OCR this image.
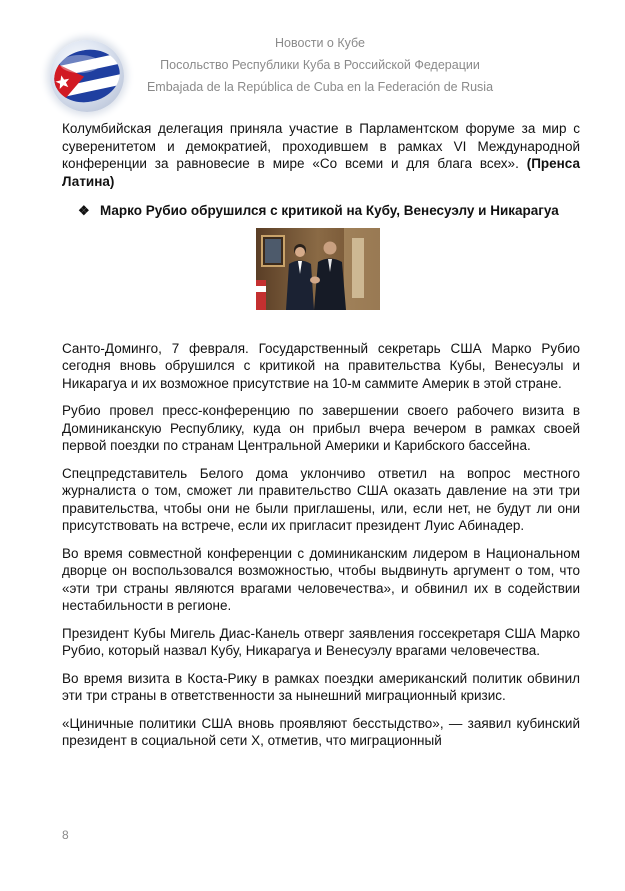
Новости о Кубе
Посольство Республики Куба в Российской Федерации
Embajada de la República de Cuba en la Federación de Rusia

Колумбийская делегация приняла участие в Парламентском форуме за мир с суверенитетом и демократией, проходившем в рамках VI Международной конференции за равновесие в мире «Со всеми и для блага всех». (Пренса Латина)

❖ Марко Рубио обрушился с критикой на Кубу, Венесуэлу и Никарагуа

Санто-Доминго, 7 февраля. Государственный секретарь США Марко Рубио сегодня вновь обрушился с критикой на правительства Кубы, Венесуэлы и Никарагуа и их возможное присутствие на 10-м саммите Америк в этой стране.

Рубио провел пресс-конференцию по завершении своего рабочего визита в Доминиканскую Республику, куда он прибыл вчера вечером в рамках своей первой поездки по странам Центральной Америки и Карибского бассейна.

Спецпредставитель Белого дома уклончиво ответил на вопрос местного журналиста о том, сможет ли правительство США оказать давление на эти три правительства, чтобы они не были приглашены, или, если нет, не будут ли они присутствовать на встрече, если их пригласит президент Луис Абинадер.

Во время совместной конференции с доминиканским лидером в Национальном дворце он воспользовался возможностью, чтобы выдвинуть аргумент о том, что «эти три страны являются врагами человечества», и обвинил их в содействии нестабильности в регионе.

Президент Кубы Мигель Диас-Канель отверг заявления госсекретаря США Марко Рубио, который назвал Кубу, Никарагуа и Венесуэлу врагами человечества.

Во время визита в Коста-Рику в рамках поездки американский политик обвинил эти три страны в ответственности за нынешний миграционный кризис.

«Циничные политики США вновь проявляют бесстыдство», — заявил кубинский президент в социальной сети X, отметив, что миграционный

8
